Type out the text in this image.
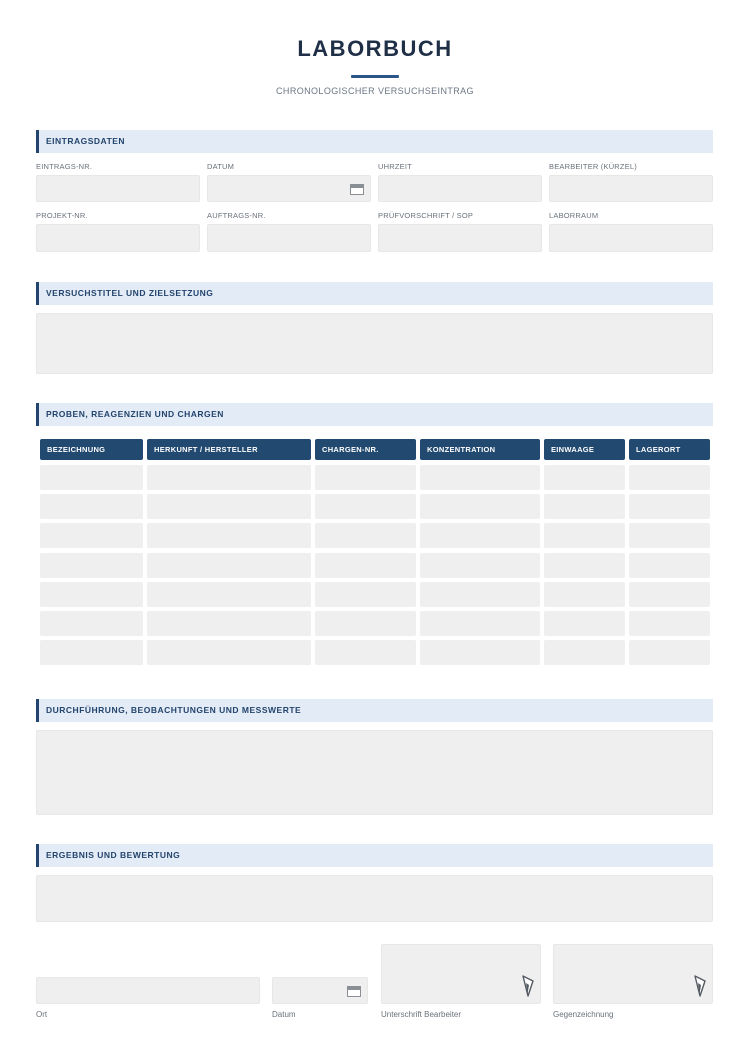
LABORBUCH
CHRONOLOGISCHER VERSUCHSEINTRAG
EINTRAGSDATEN
EINTRAGS-NR.	DATUM	UHRZEIT	BEARBEITER (KÜRZEL)
PROJEKT-NR.	AUFTRAGS-NR.	PRÜFVORSCHRIFT / SOP	LABORRAUM
VERSUCHSTITEL UND ZIELSETZUNG
PROBEN, REAGENZIEN UND CHARGEN
BEZEICHNUNG	HERKUNFT / HERSTELLER	CHARGEN-NR.	KONZENTRATION	EINWAAGE	LAGERORT
DURCHFÜHRUNG, BEOBACHTUNGEN UND MESSWERTE
ERGEBNIS UND BEWERTUNG
Ort	Datum	Unterschrift Bearbeiter	Gegenzeichnung
